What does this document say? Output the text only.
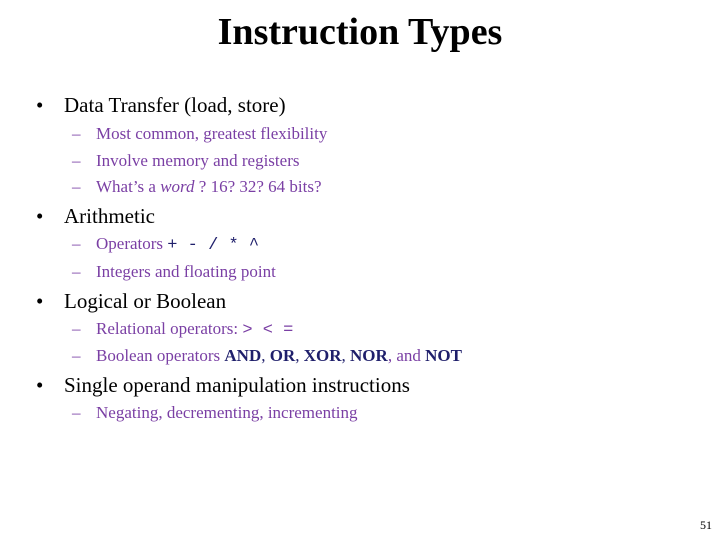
Instruction Types
• Data Transfer (load, store)
– Most common, greatest flexibility
– Involve memory and registers
– What’s a word ? 16? 32? 64 bits?
• Arithmetic
– Operators + - / * ^
– Integers and floating point
• Logical or Boolean
– Relational operators: > < =
– Boolean operators AND, OR, XOR, NOR, and NOT
• Single operand manipulation instructions
– Negating, decrementing, incrementing
51
